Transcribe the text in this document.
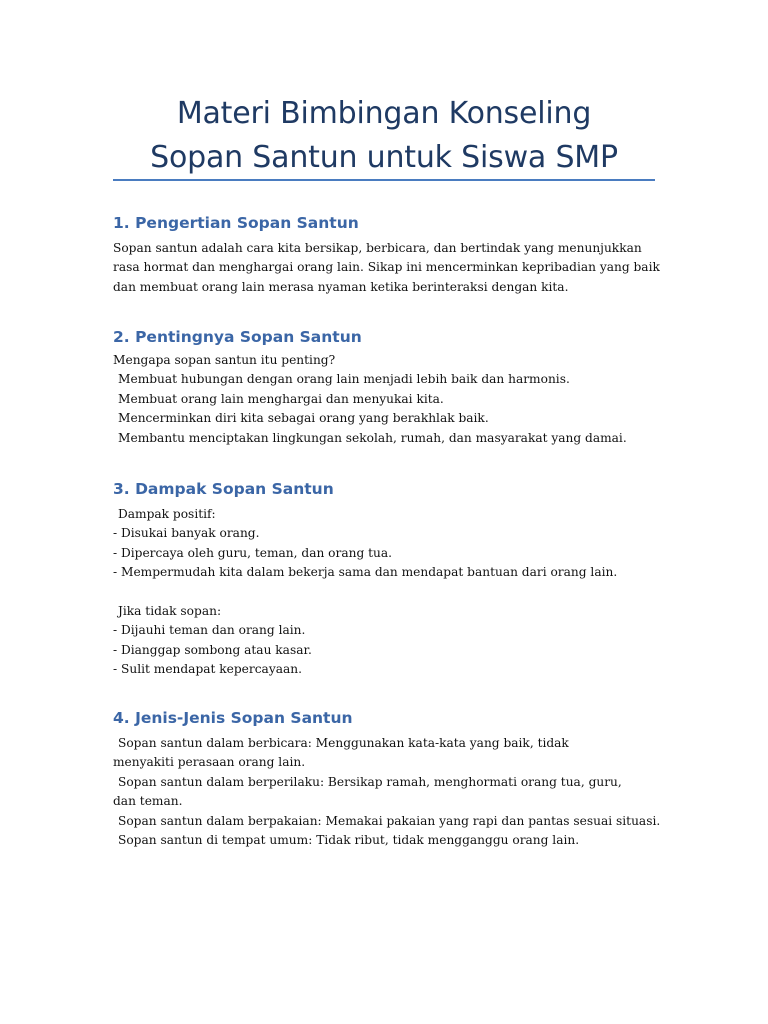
Materi Bimbingan Konseling
Sopan Santun untuk Siswa SMP
1. Pengertian Sopan Santun

Sopan santun adalah cara kita bersikap, berbicara, dan bertindak yang menunjukkan rasa hormat dan menghargai orang lain. Sikap ini mencerminkan kepribadian yang baik dan membuat orang lain merasa nyaman ketika berinteraksi dengan kita.

2. Pentingnya Sopan Santun
Mengapa sopan santun itu penting?
Membuat hubungan dengan orang lain menjadi lebih baik dan harmonis.
Membuat orang lain menghargai dan menyukai kita.
Mencerminkan diri kita sebagai orang yang berakhlak baik.
Membantu menciptakan lingkungan sekolah, rumah, dan masyarakat yang damai.
3. Dampak Sopan Santun
Dampak positif:
- Disukai banyak orang.
- Dipercaya oleh guru, teman, dan orang tua.
- Mempermudah kita dalam bekerja sama dan mendapat bantuan dari orang lain.
Jika tidak sopan:
- Dijauhi teman dan orang lain.
- Dianggap sombong atau kasar.
- Sulit mendapat kepercayaan.
4. Jenis-Jenis Sopan Santun

Sopan santun dalam berbicara: Menggunakan kata-kata yang baik, tidak menyakiti perasaan orang lain.

Sopan santun dalam berperilaku: Bersikap ramah, menghormati orang tua, guru, dan teman.

Sopan santun dalam berpakaian: Memakai pakaian yang rapi dan pantas sesuai situasi.
Sopan santun di tempat umum: Tidak ribut, tidak mengganggu orang lain.
